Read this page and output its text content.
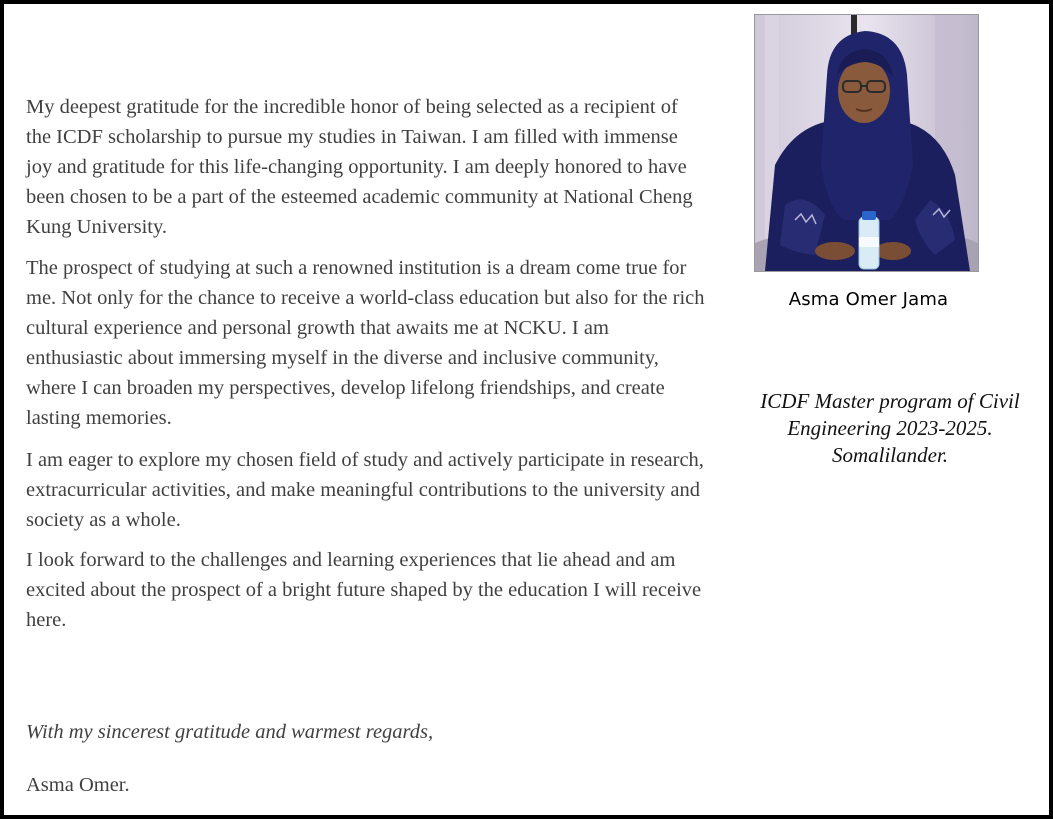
My deepest gratitude for the incredible honor of being selected as a recipient of the ICDF scholarship to pursue my studies in Taiwan. I am filled with immense joy and gratitude for this life-changing opportunity. I am deeply honored to have been chosen to be a part of the esteemed academic community at National Cheng Kung University.

The prospect of studying at such a renowned institution is a dream come true for me. Not only for the chance to receive a world-class education but also for the rich cultural experience and personal growth that awaits me at NCKU. I am enthusiastic about immersing myself in the diverse and inclusive community, where I can broaden my perspectives, develop lifelong friendships, and create lasting memories.

I am eager to explore my chosen field of study and actively participate in research, extracurricular activities, and make meaningful contributions to the university and society as a whole.

I look forward to the challenges and learning experiences that lie ahead and am excited about the prospect of a bright future shaped by the education I will receive here.

With my sincerest gratitude and warmest regards,
Asma Omer.
Asma Omer Jama
ICDF Master program of Civil
Engineering 2023-2025.
Somalilander.
